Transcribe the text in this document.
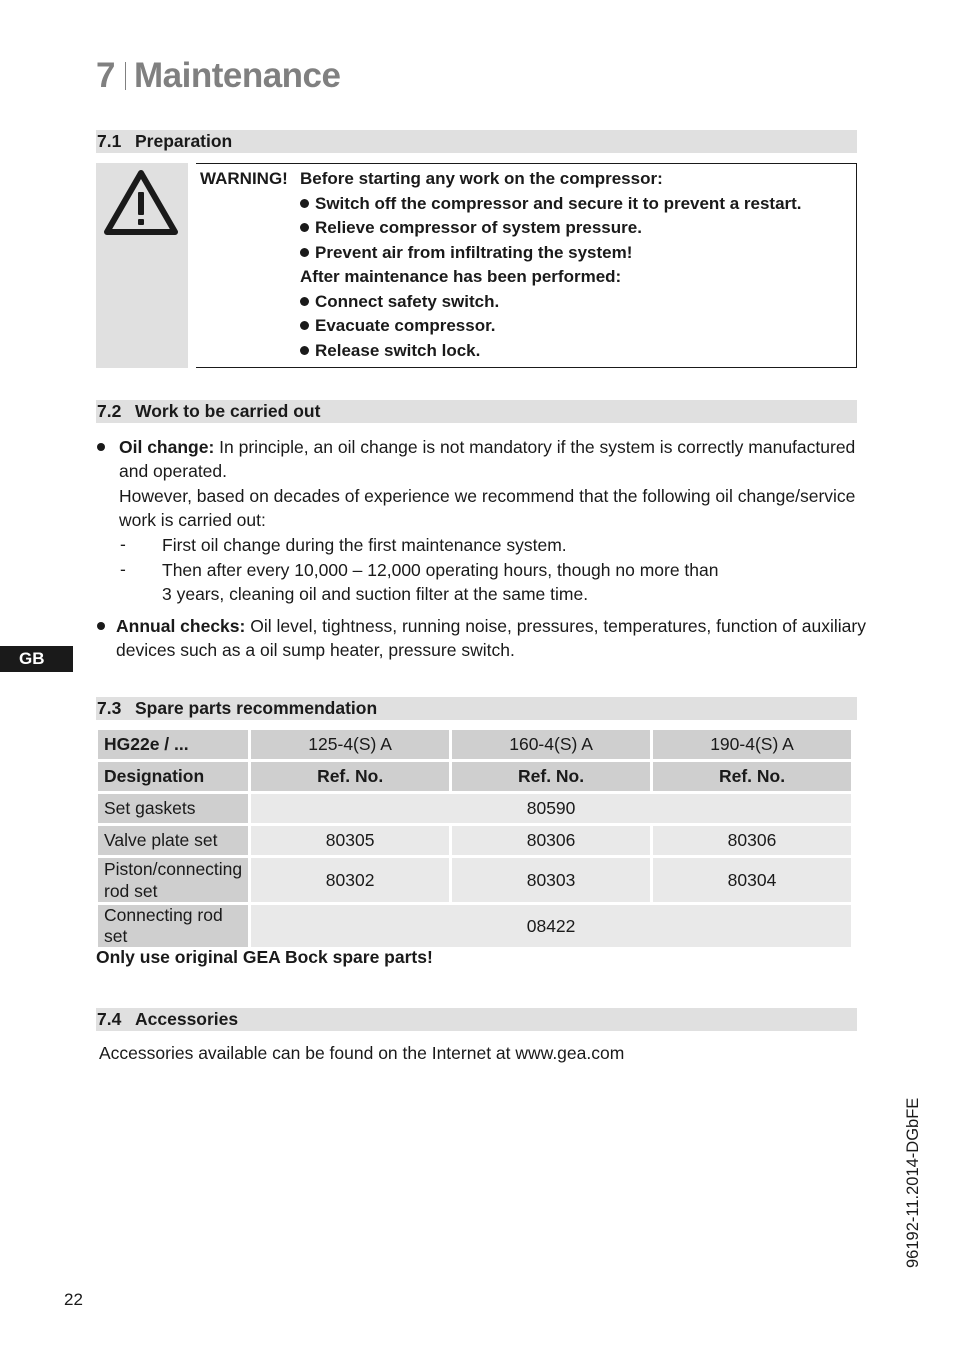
7 Maintenance
7.1 Preparation
WARNING! Before starting any work on the compressor:
Switch off the compressor and secure it to prevent a restart.
Relieve compressor of system pressure.
Prevent air from infiltrating the system!
After maintenance has been performed:
Connect safety switch.
Evacuate compressor.
Release switch lock.
7.2 Work to be carried out
Oil change: In principle, an oil change is not mandatory if the system is correctly manufactured
and operated.
However, based on decades of experience we recommend that the following oil change/service
work is carried out:
- First oil change during the first maintenance system.
- Then after every 10,000 – 12,000 operating hours, though no more than
3 years, cleaning oil and suction filter at the same time.
Annual checks: Oil level, tightness, running noise, pressures, temperatures, function of auxiliary
devices such as a oil sump heater, pressure switch.
GB
7.3 Spare parts recommendation
HG22e / ...	125-4(S) A	160-4(S) A	190-4(S) A
Designation	Ref. No.	Ref. No.	Ref. No.
Set gaskets	80590		
Valve plate set	80305	80306	80306

Piston/connecting
rod set	80302	80303	80304
Connecting rod set	08422		
Only use original GEA Bock spare parts!
7.4 Accessories
Accessories available can be found on the Internet at www.gea.com
96192-11.2014-DGbFE
22
